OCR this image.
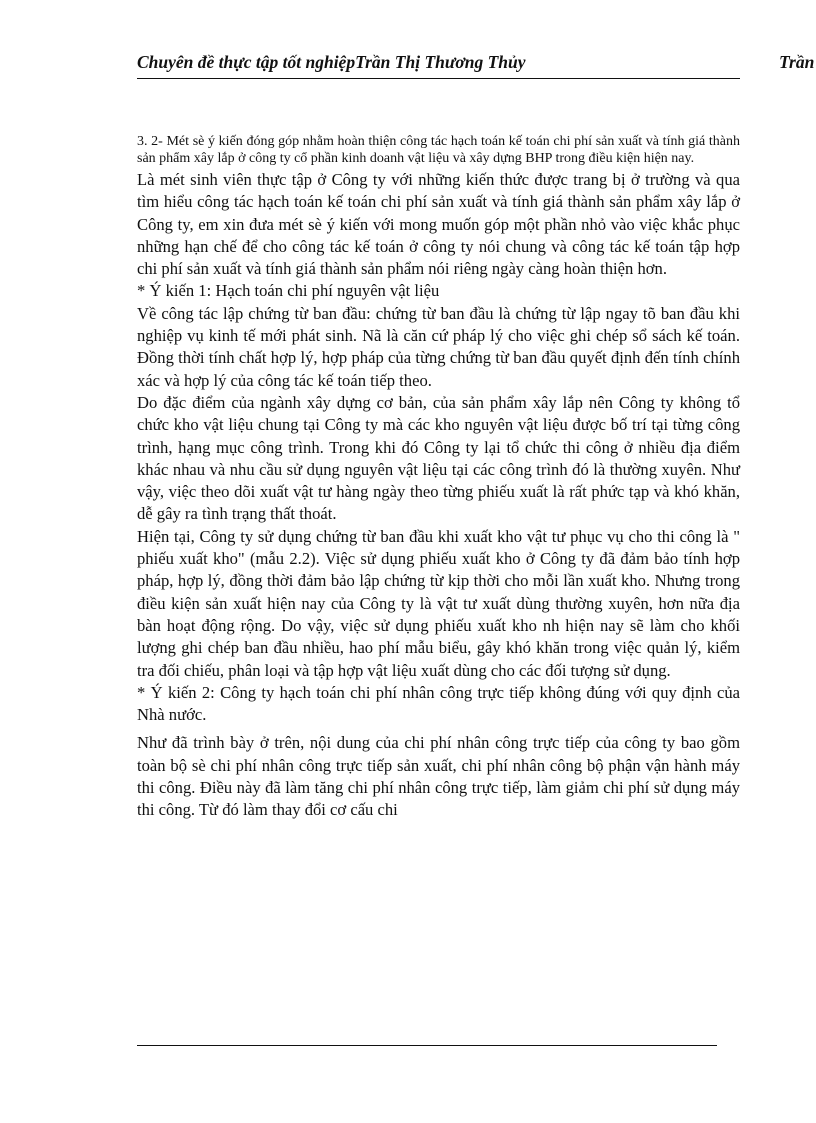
Chuyên đề thực tập tốt nghiệpTrần Thị Thương Thủy	Trần

3. 2- Mét sè ý kiến đóng góp nhằm hoàn thiện công tác hạch toán kế toán chi phí sản xuất và tính giá thành sản phẩm xây lắp ở công ty cổ phần kinh doanh vật liệu và xây dựng BHP trong điều kiện hiện nay.

Là mét sinh viên thực tập ở Công ty với những kiến thức được trang bị ở trường và qua tìm hiểu công tác hạch toán kế toán chi phí sản xuất và tính giá thành sản phẩm xây lắp ở Công ty, em xin đưa mét sè ý kiến với mong muốn góp một phần nhỏ vào việc khắc phục những hạn chế để cho công tác kế toán ở công ty nói chung và công tác kế toán tập hợp chi phí sản xuất và tính giá thành sản phẩm nói riêng ngày càng hoàn thiện hơn.

* Ý kiến 1: Hạch toán chi phí nguyên vật liệu

Về công tác lập chứng từ ban đầu: chứng từ ban đầu là chứng từ lập ngay tõ ban đầu khi nghiệp vụ kinh tế mới phát sinh. Nã là căn cứ pháp lý cho việc ghi chép sổ sách kế toán. Đồng thời tính chất hợp lý, hợp pháp của từng chứng từ ban đầu quyết định đến tính chính xác và hợp lý của công tác kế toán tiếp theo.

Do đặc điểm của ngành xây dựng cơ bản, của sản phẩm xây lắp nên Công ty không tổ chức kho vật liệu chung tại Công ty mà các kho nguyên vật liệu được bố trí tại từng công trình, hạng mục công trình. Trong khi đó Công ty lại tổ chức thi công ở nhiều địa điểm khác nhau và nhu cầu sử dụng nguyên vật liệu tại các công trình đó là thường xuyên. Như vậy, việc theo dõi xuất vật tư hàng ngày theo từng phiếu xuất là rất phức tạp và khó khăn, dễ gây ra tình trạng thất thoát.

Hiện tại, Công ty sử dụng chứng từ ban đầu khi xuất kho vật tư phục vụ cho thi công là " phiếu xuất kho" (mẫu 2.2). Việc sử dụng phiếu xuất kho ở Công ty đã đảm bảo tính hợp pháp, hợp lý, đồng thời đảm bảo lập chứng từ kịp thời cho mỗi lần xuất kho. Nhưng trong điều kiện sản xuất hiện nay của Công ty là vật tư xuất dùng thường xuyên, hơn nữa địa bàn hoạt động rộng. Do vậy, việc sử dụng phiếu xuất kho nh hiện nay sẽ làm cho khối lượng ghi chép ban đầu nhiều, hao phí mẫu biểu, gây khó khăn trong việc quản lý, kiểm tra đối chiếu, phân loại và tập hợp vật liệu xuất dùng cho các đối tượng sử dụng.

* Ý kiến 2: Công ty hạch toán chi phí nhân công trực tiếp không đúng với quy định của Nhà nước.

Như đã trình bày ở trên, nội dung của chi phí nhân công trực tiếp của công ty bao gồm toàn bộ sè chi phí nhân công trực tiếp sản xuất, chi phí nhân công bộ phận vận hành máy thi công. Điều này đã làm tăng chi phí nhân công trực tiếp, làm giảm chi phí sử dụng máy thi công. Từ đó làm thay đổi cơ cấu chi
